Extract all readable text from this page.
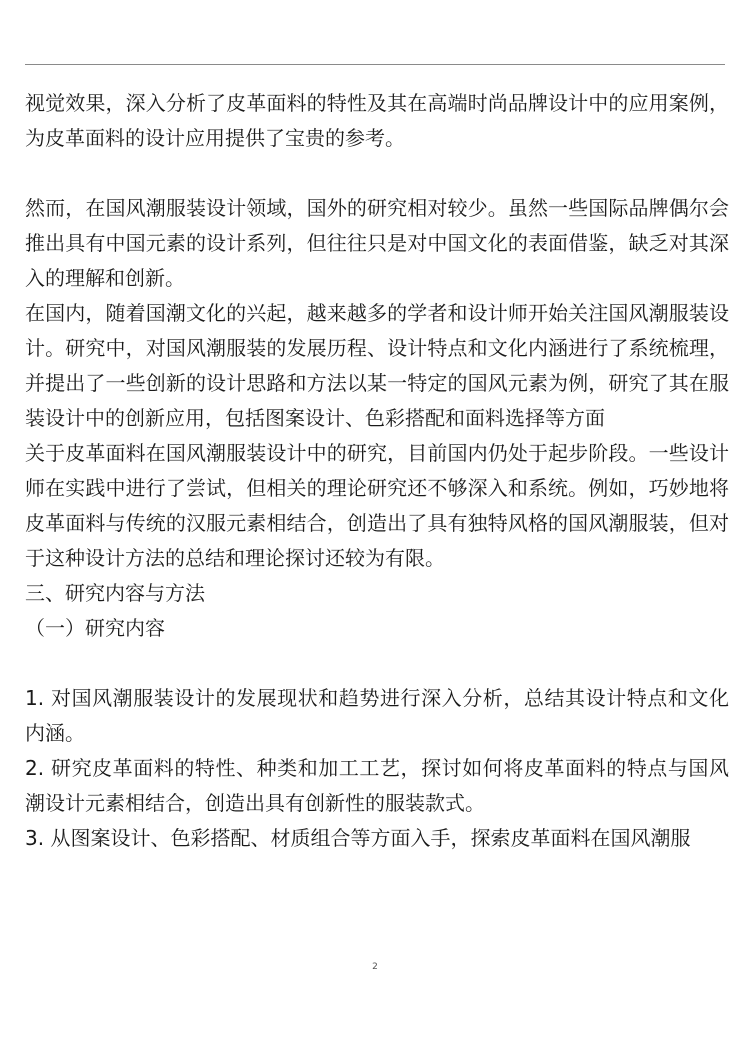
视觉效果，深入分析了皮革面料的特性及其在高端时尚品牌设计中的应用案例，为皮革面料的设计应用提供了宝贵的参考。

然而，在国风潮服装设计领域，国外的研究相对较少。虽然一些国际品牌偶尔会推出具有中国元素的设计系列，但往往只是对中国文化的表面借鉴，缺乏对其深入的理解和创新。

在国内，随着国潮文化的兴起，越来越多的学者和设计师开始关注国风潮服装设计。研究中，对国风潮服装的发展历程、设计特点和文化内涵进行了系统梳理，并提出了一些创新的设计思路和方法以某一特定的国风元素为例，研究了其在服装设计中的创新应用，包括图案设计、色彩搭配和面料选择等方面

关于皮革面料在国风潮服装设计中的研究，目前国内仍处于起步阶段。一些设计师在实践中进行了尝试，但相关的理论研究还不够深入和系统。例如，巧妙地将皮革面料与传统的汉服元素相结合，创造出了具有独特风格的国风潮服装，但对于这种设计方法的总结和理论探讨还较为有限。

三、研究内容与方法

（一）研究内容

1. 对国风潮服装设计的发展现状和趋势进行深入分析，总结其设计特点和文化内涵。

2. 研究皮革面料的特性、种类和加工工艺，探讨如何将皮革面料的特点与国风潮设计元素相结合，创造出具有创新性的服装款式。

3. 从图案设计、色彩搭配、材质组合等方面入手，探索皮革面料在国风潮服

2
